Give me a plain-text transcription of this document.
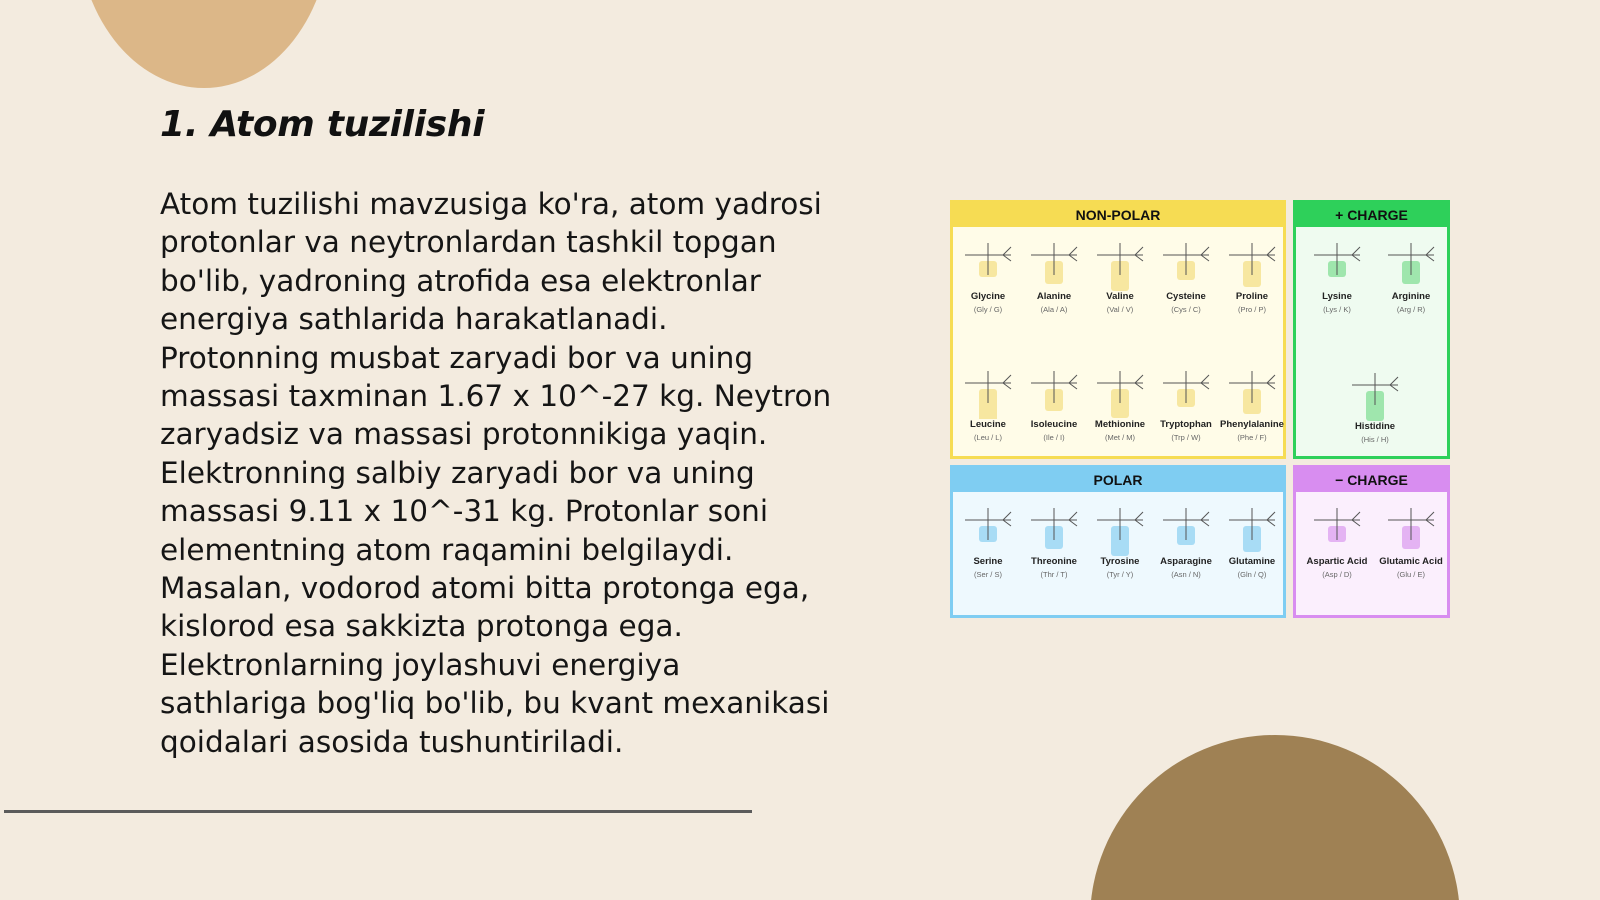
1. Atom tuzilishi
Atom tuzilishi mavzusiga ko'ra, atom yadrosi
protonlar va neytronlardan tashkil topgan
bo'lib, yadroning atrofida esa elektronlar
energiya sathlarida harakatlanadi.
Protonning musbat zaryadi bor va uning
massasi taxminan 1.67 x 10^-27 kg. Neytron
zaryadsiz va massasi protonnikiga yaqin.
Elektronning salbiy zaryadi bor va uning
massasi 9.11 x 10^-31 kg. Protonlar soni
elementning atom raqamini belgilaydi.
Masalan, vodorod atomi bitta protonga ega,
kislorod esa sakkizta protonga ega.
Elektronlarning joylashuvi energiya
sathlariga bog'liq bo'lib, bu kvant mexanikasi
qoidalari asosida tushuntiriladi.
NON-POLAR
Glycine
(Gly / G)
Alanine
(Ala / A)
Valine
(Val / V)
Cysteine
(Cys / C)
Proline
(Pro / P)
Leucine
(Leu / L)
Isoleucine
(Ile / I)
Methionine
(Met / M)
Tryptophan
(Trp / W)
Phenylalanine
(Phe / F)
+ CHARGE
Lysine
(Lys / K)
Arginine
(Arg / R)
Histidine
(His / H)
POLAR
Serine
(Ser / S)
Threonine
(Thr / T)
Tyrosine
(Tyr / Y)
Asparagine
(Asn / N)
Glutamine
(Gln / Q)
− CHARGE
Aspartic Acid
(Asp / D)
Glutamic Acid
(Glu / E)
